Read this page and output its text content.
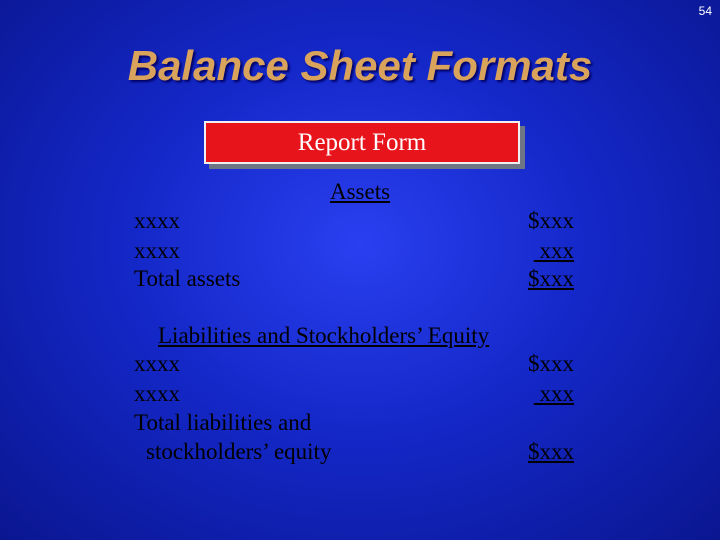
54
Balance Sheet Formats
Report Form
Assets
xxxx	$xxx
xxxx	xxx
Total assets	$xxx
Liabilities and Stockholders’ Equity
xxxx	$xxx
xxxx	xxx
Total liabilities and
stockholders’ equity	$xxx
